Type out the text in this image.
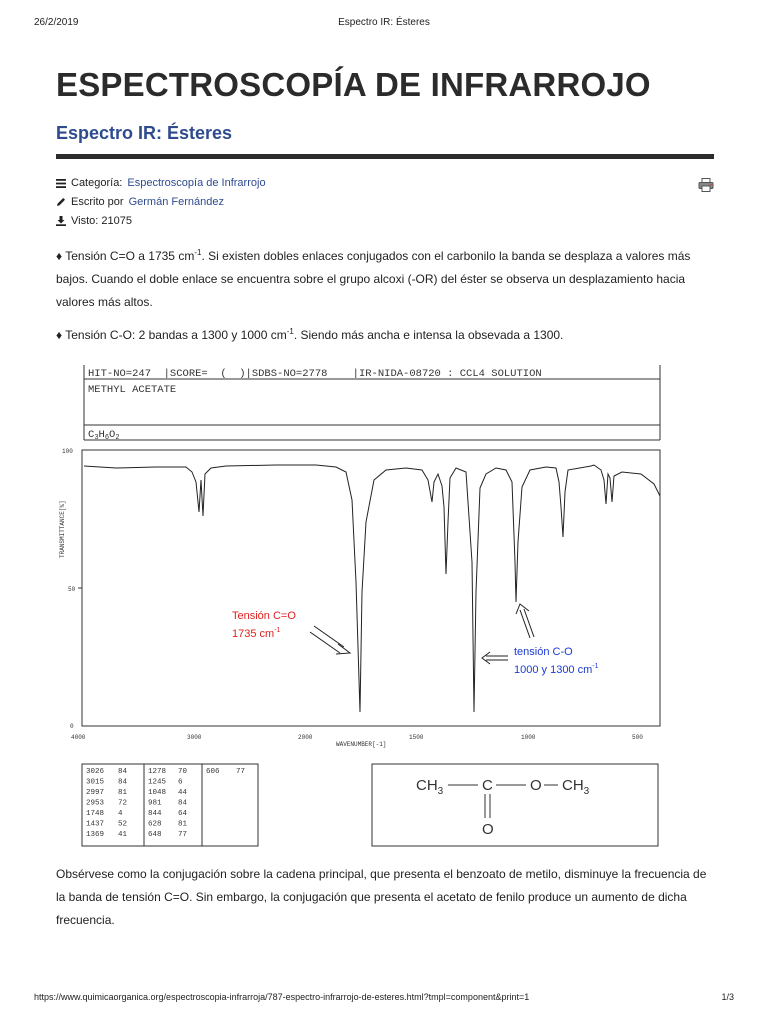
26/2/2019	Espectro IR: Ésteres
ESPECTROSCOPÍA DE INFRARROJO
Espectro IR: Ésteres
Categoría: Espectroscopía de Infrarrojo
Escrito por Germán Fernández
Visto: 21075

♦ Tensión C=O a 1735 $cm^{-1}$. Si existen dobles enlaces conjugados con el carbonilo la banda se desplaza a valores más bajos. Cuando el doble enlace se encuentra sobre el grupo alcoxi (-OR) del éster se observa un desplazamiento hacia valores más altos.

♦ Tensión C-O: 2 bandas a 1300 y 1000 $cm^{-1}$. Siendo más ancha e intensa la obsevada a 1300.

HIT-NO=247  |SCORE=  (  )|SDBS-NO=2778    |IR-NIDA-08720 : CCL4 SOLUTION
METHYL ACETATE
C3H6O2
100
50
0
TRANSMITTANCE[%]
4000	3000	2000	1500	1000	500
WAVENUMBER[-1]
Tensión C=O
1735 $cm^{-1}$
tensión C-O
1000 y 1300 $cm^{-1}$
3026 84	1278 70	606 77
3015 84	1245 6
2997 81	1048 44
2953 72	981 84
1748 4	844 64
1437 52	628 81
1369 41	648 77
$CH_3$	C O $CH_3$
O

Obsérvese como la conjugación sobre la cadena principal, que presenta el benzoato de metilo, disminuye la frecuencia de la banda de tensión C=O. Sin embargo, la conjugación que presenta el acetato de fenilo produce un aumento de dicha frecuencia.

https://www.quimicaorganica.org/espectroscopia-infrarroja/787-espectro-infrarrojo-de-esteres.html?tmpl=component&print=1	1/3
